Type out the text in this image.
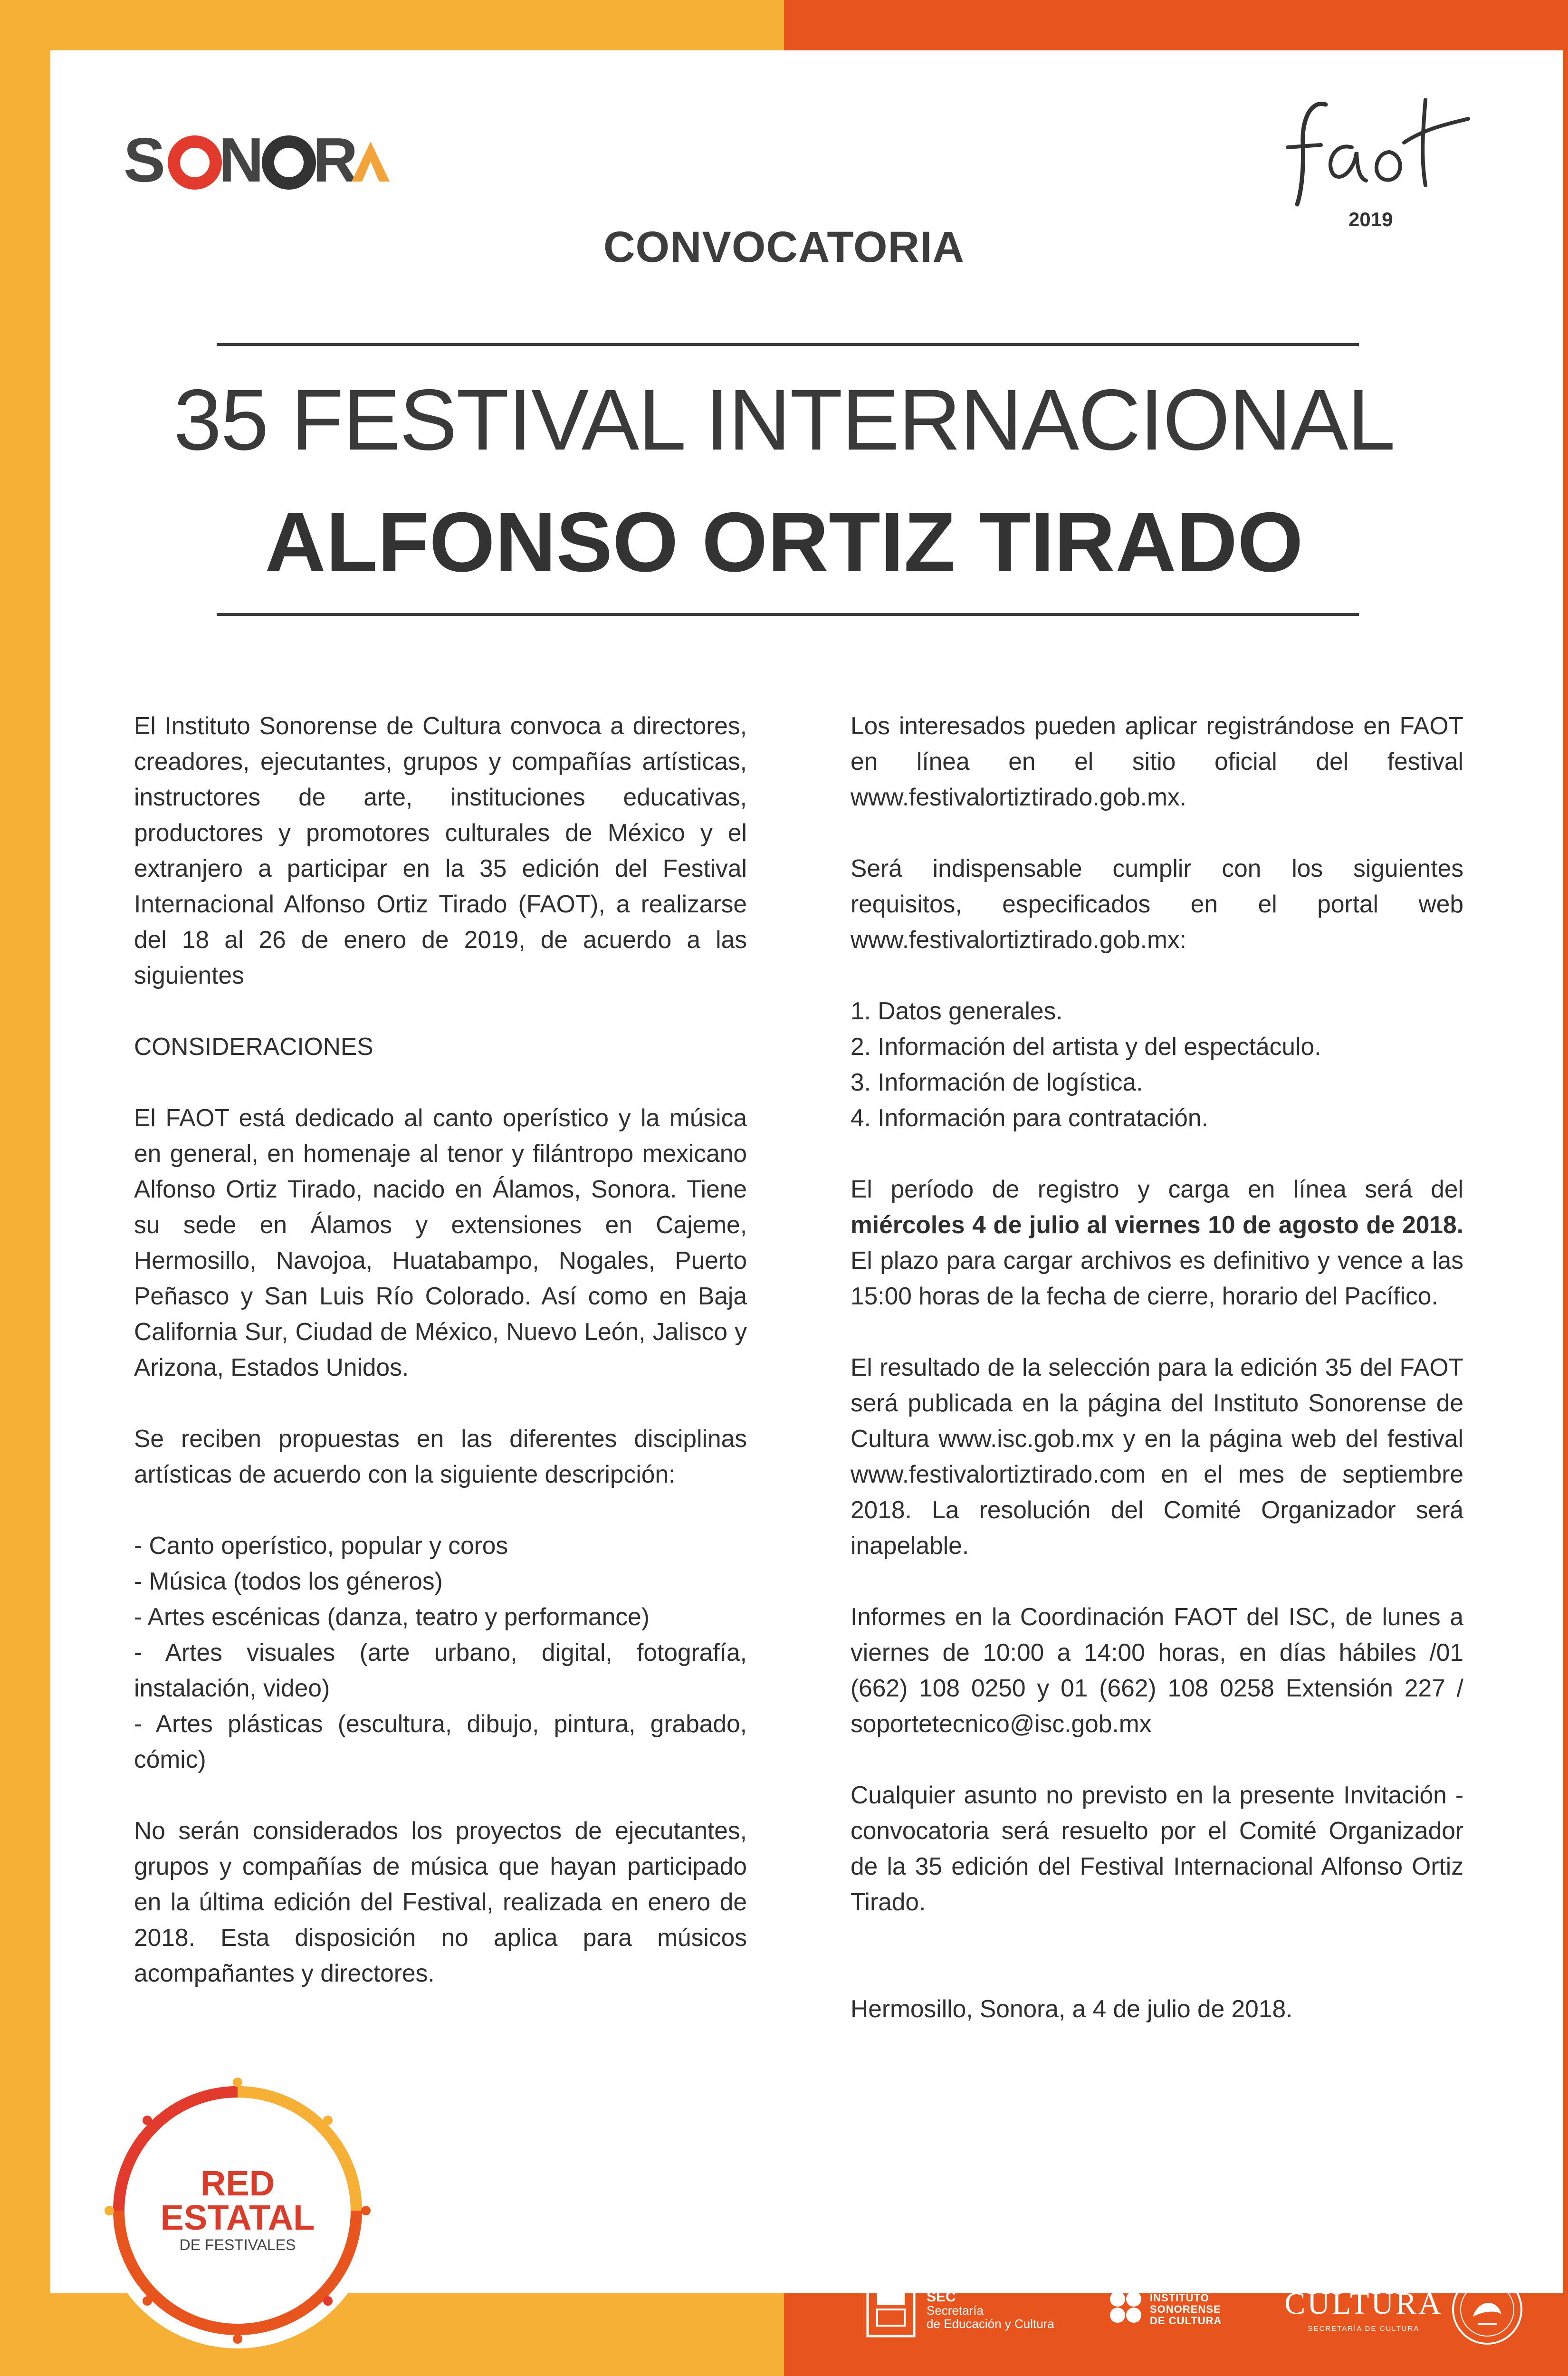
S N R
2019
CONVOCATORIA
35 FESTIVAL INTERNACIONAL
ALFONSO ORTIZ TIRADO

El Instituto Sonorense de Cultura convoca a directores, creadores, ejecutantes, grupos y compañías artísticas, instructores de arte, instituciones educativas, productores y promotores culturales de México y el extranjero a participar en la 35 edición del Festival Internacional Alfonso Ortiz Tirado (FAOT), a realizarse del 18 al 26 de enero de 2019, de acuerdo a las siguientes

CONSIDERACIONES

El FAOT está dedicado al canto operístico y la música en general, en homenaje al tenor y filántropo mexicano Alfonso Ortiz Tirado, nacido en Álamos, Sonora. Tiene su sede en Álamos y extensiones en Cajeme, Hermosillo, Navojoa, Huatabampo, Nogales, Puerto Peñasco y San Luis Río Colorado. Así como en Baja California Sur, Ciudad de México, Nuevo León, Jalisco y Arizona, Estados Unidos.

Se reciben propuestas en las diferentes disciplinas artísticas de acuerdo con la siguiente descripción:

- Canto operístico, popular y coros
- Música (todos los géneros)
- Artes escénicas (danza, teatro y performance)
- Artes visuales (arte urbano, digital, fotografía, instalación, video)
- Artes plásticas (escultura, dibujo, pintura, grabado, cómic)

No serán considerados los proyectos de ejecutantes, grupos y compañías de música que hayan participado en la última edición del Festival, realizada en enero de 2018. Esta disposición no aplica para músicos acompañantes y directores.

Los interesados pueden aplicar registrándose en FAOT en línea en el sitio oficial del festival www.festivalortiztirado.gob.mx.

Será indispensable cumplir con los siguientes requisitos, especificados en el portal web www.festivalortiztirado.gob.mx:

1. Datos generales.
2. Información del artista y del espectáculo.
3. Información de logística.
4. Información para contratación.

El período de registro y carga en línea será del miércoles 4 de julio al viernes 10 de agosto de 2018. El plazo para cargar archivos es definitivo y vence a las 15:00 horas de la fecha de cierre, horario del Pacífico.

El resultado de la selección para la edición 35 del FAOT será publicada en la página del Instituto Sonorense de Cultura www.isc.gob.mx y en la página web del festival www.festivalortiztirado.com en el mes de septiembre 2018. La resolución del Comité Organizador será inapelable.

Informes en la Coordinación FAOT del ISC, de lunes a viernes de 10:00 a 14:00 horas, en días hábiles /01 (662) 108 0250 y 01 (662) 108 0258 Extensión 227 / soportetecnico@isc.gob.mx

Cualquier asunto no previsto en la presente Invitación - convocatoria será resuelto por el Comité Organizador de la 35 edición del Festival Internacional Alfonso Ortiz Tirado.

Hermosillo, Sonora, a 4 de julio de 2018.

RED
ESTATAL
DE FESTIVALES
SEC
Secretaría
de Educación y Cultura
INSTITUTO
SONORENSE
DE CULTURA CULTURA
SECRETARÍA DE CULTURA
